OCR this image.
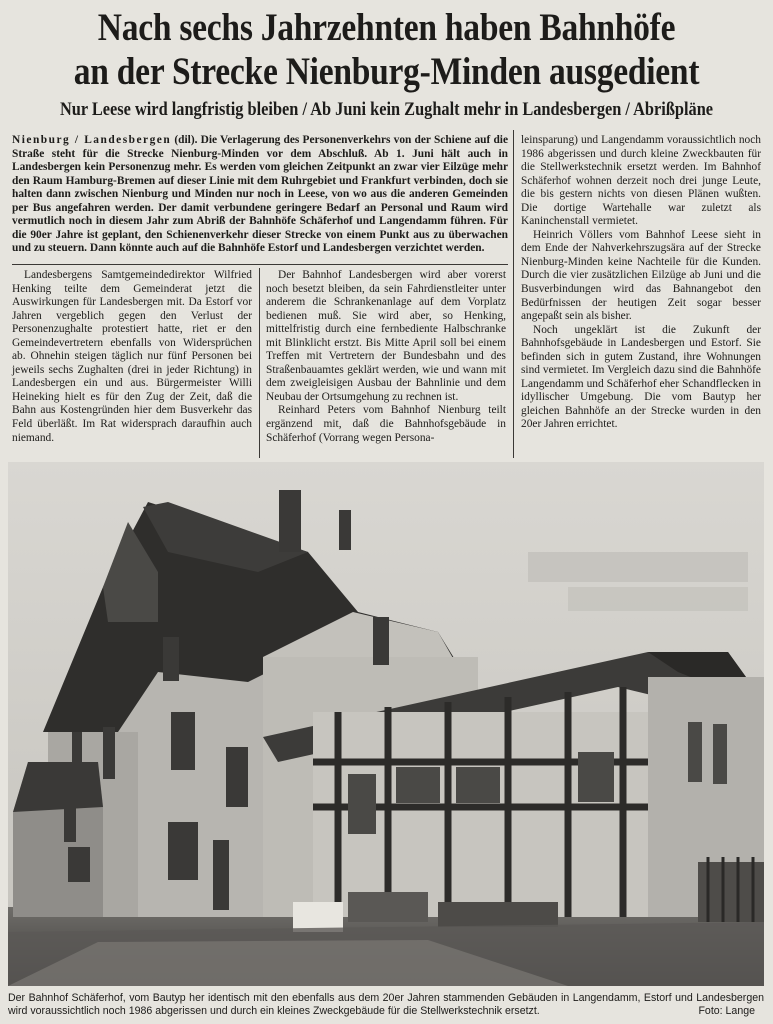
Nach sechs Jahrzehnten haben Bahnhöfe
an der Strecke Nienburg-Minden ausgedient
Nur Leese wird langfristig bleiben / Ab Juni kein Zughalt mehr in Landesbergen / Abrißpläne

Nienburg / Landesbergen (dil). Die Verlagerung des Personenverkehrs von der Schiene auf die Straße steht für die Strecke Nienburg-Minden vor dem Abschluß. Ab 1. Juni hält auch in Landesbergen kein Personenzug mehr. Es werden vom gleichen Zeitpunkt an zwar vier Eilzüge mehr den Raum Hamburg-Bremen auf dieser Linie mit dem Ruhrgebiet und Frankfurt verbinden, doch sie halten dann zwischen Nienburg und Minden nur noch in Leese, von wo aus die anderen Gemeinden per Bus angefahren werden. Der damit verbundene geringere Bedarf an Personal und Raum wird vermutlich noch in diesem Jahr zum Abriß der Bahnhöfe Schäferhof und Langendamm führen. Für die 90er Jahre ist geplant, den Schienenverkehr dieser Strecke von einem Punkt aus zu überwachen und zu steuern. Dann könnte auch auf die Bahnhöfe Estorf und Landesbergen verzichtet werden.

Landesbergens Samtgemeindedirektor Wilfried Henking teilte dem Gemeinderat jetzt die Auswirkungen für Landesbergen mit. Da Estorf vor Jahren vergeblich gegen den Verlust der Personenzughalte protestiert hatte, riet er den Gemeindevertretern ebenfalls von Widersprüchen ab. Ohnehin steigen täglich nur fünf Personen bei jeweils sechs Zughalten (drei in jeder Richtung) in Landesbergen ein und aus. Bürgermeister Willi Heineking hielt es für den Zug der Zeit, daß die Bahn aus Kostengründen hier dem Busverkehr das Feld überläßt. Im Rat widersprach daraufhin auch niemand.

Der Bahnhof Landesbergen wird aber vorerst noch besetzt bleiben, da sein Fahrdienstleiter unter anderem die Schrankenanlage auf dem Vorplatz bedienen muß. Sie wird aber, so Henking, mittelfristig durch eine fernbediente Halbschranke mit Blinklicht erstzt. Bis Mitte April soll bei einem Treffen mit Vertretern der Bundesbahn und des Straßenbauamtes geklärt werden, wie und wann mit dem zweigleisigen Ausbau der Bahnlinie und dem Neubau der Ortsumgehung zu rechnen ist.

Reinhard Peters vom Bahnhof Nienburg teilt ergänzend mit, daß die Bahnhofsgebäude in Schäferhof (Vorrang wegen Persona-

leinsparung) und Langendamm voraussichtlich noch 1986 abgerissen und durch kleine Zweckbauten für die Stellwerkstechnik ersetzt werden. Im Bahnhof Schäferhof wohnen derzeit noch drei junge Leute, die bis gestern nichts von diesen Plänen wußten. Die dortige Wartehalle war zuletzt als Kaninchenstall vermietet.

Heinrich Völlers vom Bahnhof Leese sieht in dem Ende der Nahverkehrszugsära auf der Strecke Nienburg-Minden keine Nachteile für die Kunden. Durch die vier zusätzlichen Eilzüge ab Juni und die Busverbindungen wird das Bahnangebot den Bedürfnissen der heutigen Zeit sogar besser angepaßt sein als bisher.

Noch ungeklärt ist die Zukunft der Bahnhofsgebäude in Landesbergen und Estorf. Sie befinden sich in gutem Zustand, ihre Wohnungen sind vermietet. Im Vergleich dazu sind die Bahnhöfe Langendamm und Schäferhof eher Schandflecken in idyllischer Umgebung. Die vom Bautyp her gleichen Bahnhöfe an der Strecke wurden in den 20er Jahren errichtet.

Der Bahnhof Schäferhof, vom Bautyp her identisch mit den ebenfalls aus dem 20er Jahren stammenden Gebäuden in Langendamm, Estorf und Landesbergen wird voraussichtlich noch 1986 abgerissen und durch ein kleines Zweckgebäude für die Stellwerkstechnik ersetzt.	Foto: Lange
